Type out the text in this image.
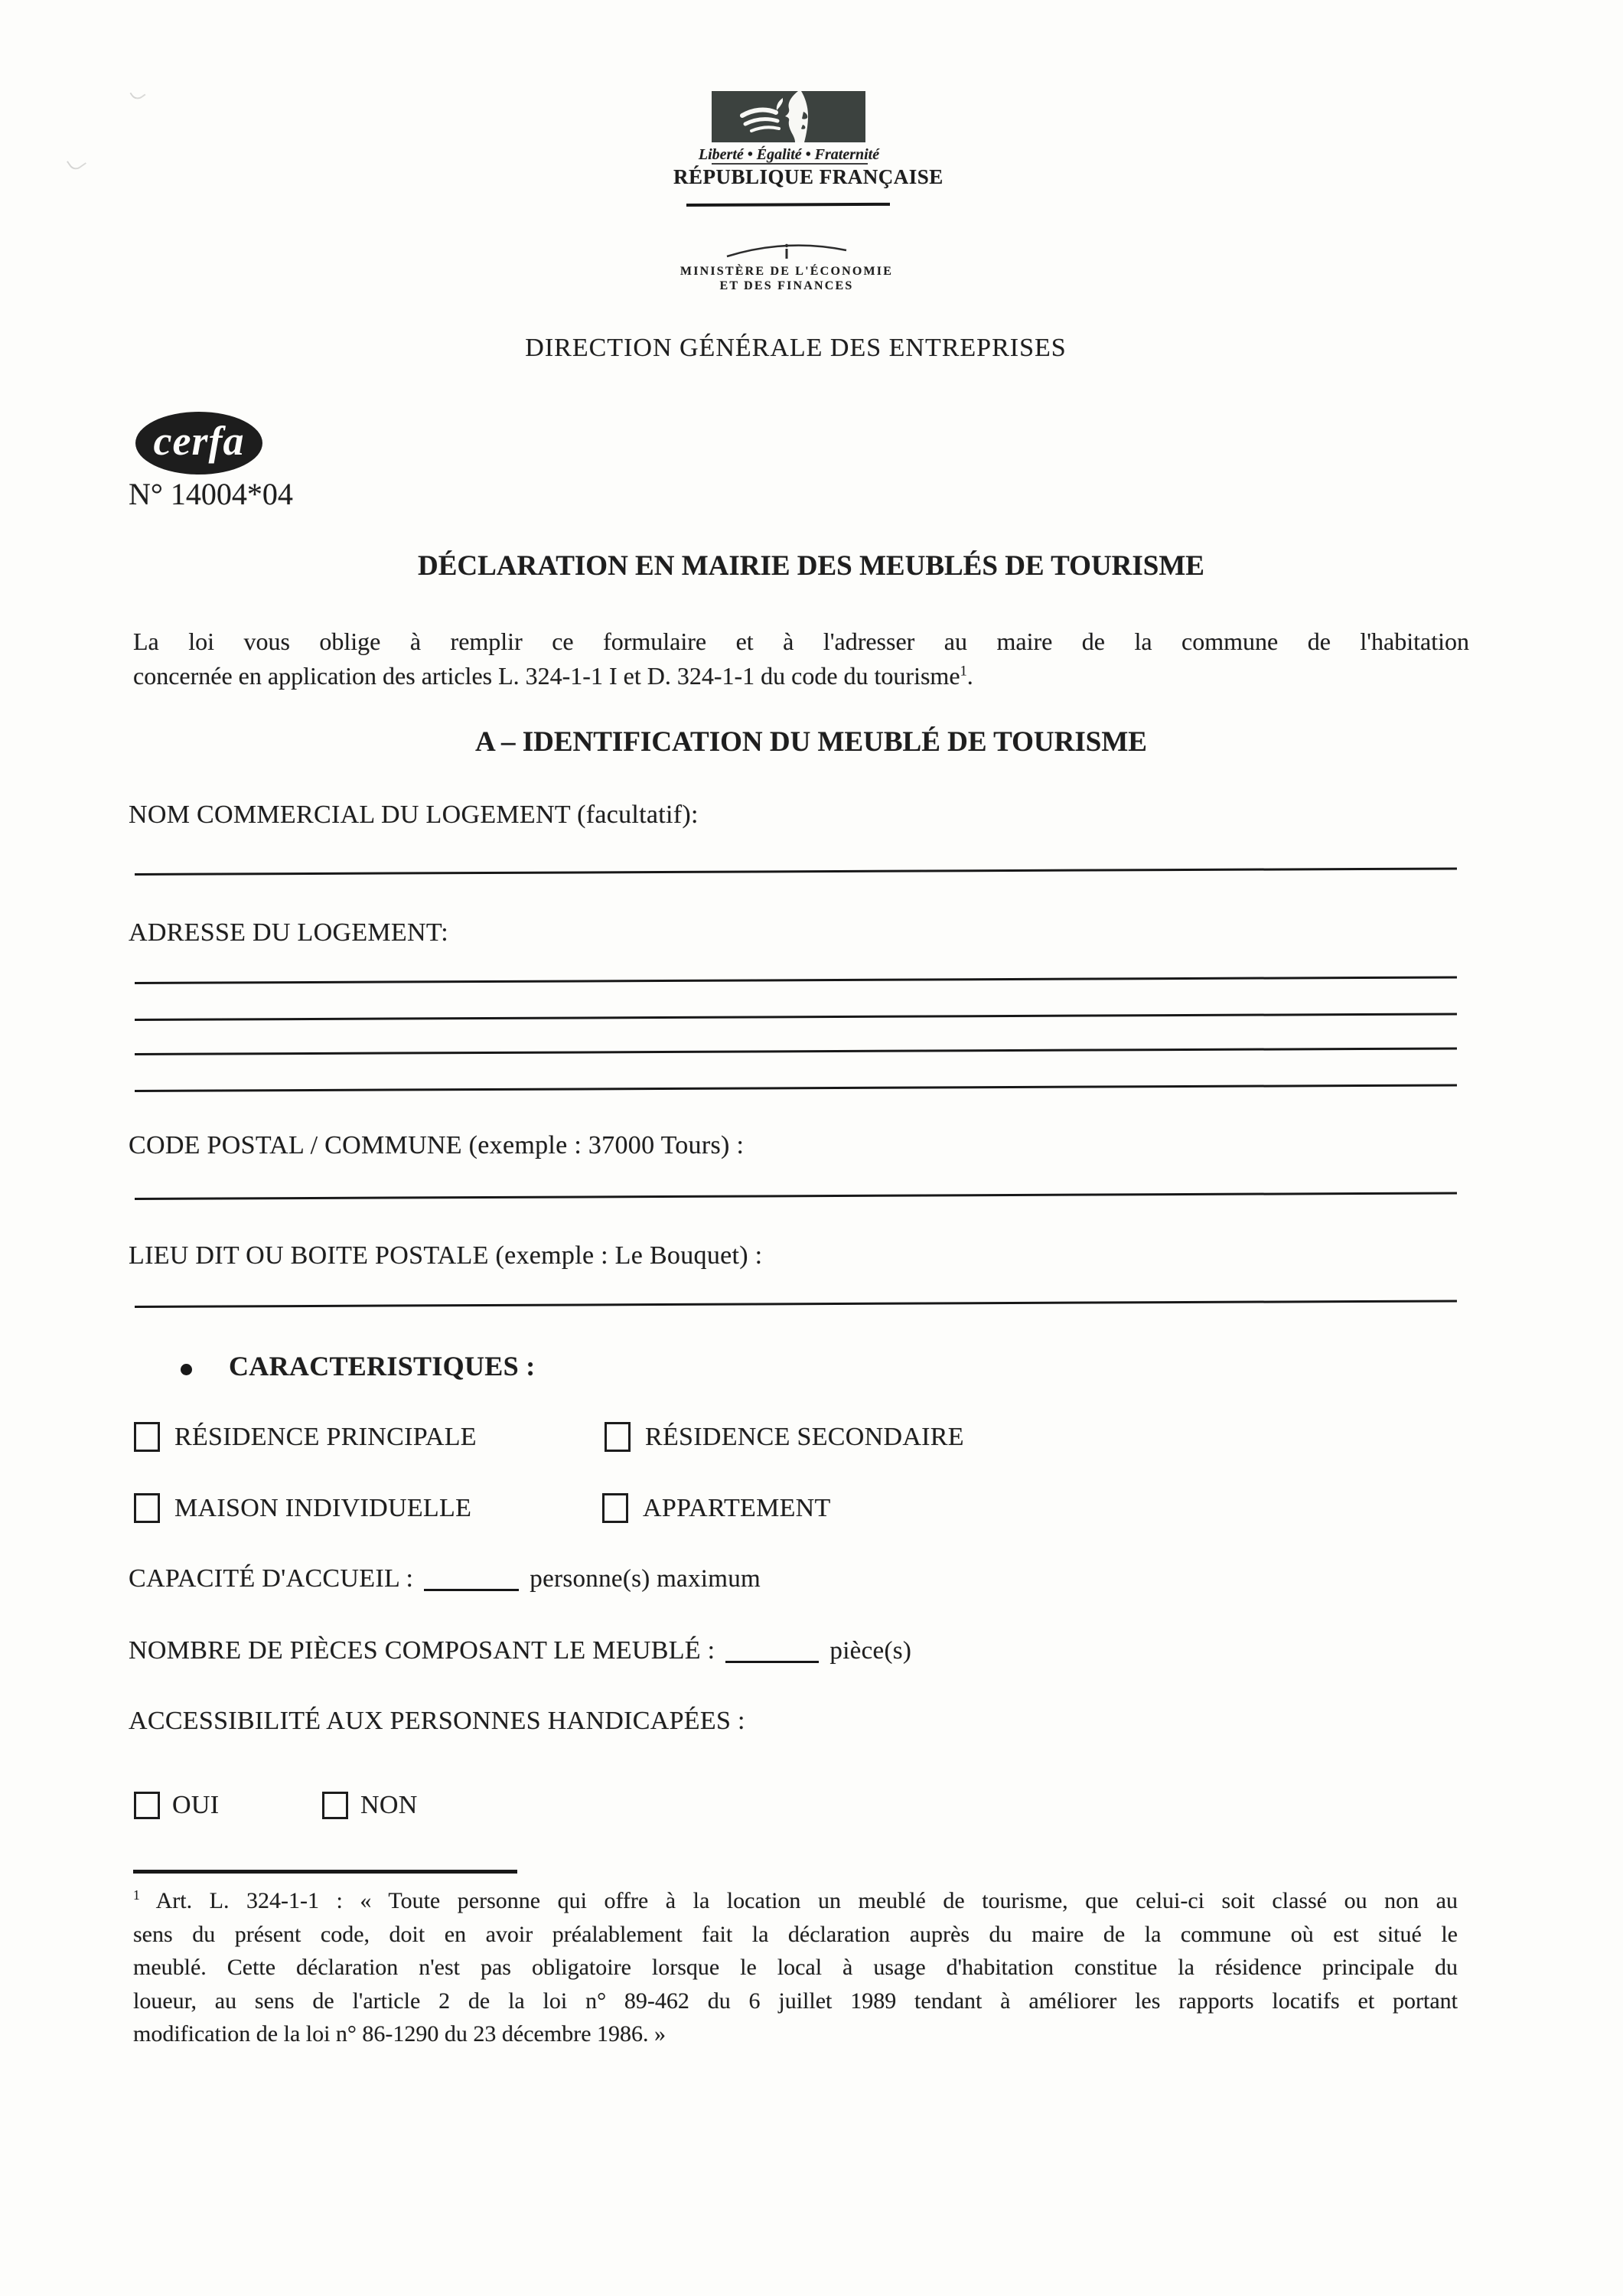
Liberté • Égalité • Fraternité
RÉPUBLIQUE FRANÇAISE
MINISTÈRE DE L'ÉCONOMIE
ET DES FINANCES
DIRECTION GÉNÉRALE DES ENTREPRISES
cerfa
N° 14004*04
DÉCLARATION EN MAIRIE DES MEUBLÉS DE TOURISME
La loi vous oblige à remplir ce formulaire et à l'adresser au maire de la commune de l'habitation
concernée en application des articles L. 324-1-1 I et D. 324-1-1 du code du tourisme$^1$.
A – IDENTIFICATION DU MEUBLÉ DE TOURISME
NOM COMMERCIAL DU LOGEMENT (facultatif):
ADRESSE DU LOGEMENT:
CODE POSTAL / COMMUNE (exemple : 37000 Tours) :
LIEU DIT OU BOITE POSTALE (exemple : Le Bouquet) :
CARACTERISTIQUES :
RÉSIDENCE PRINCIPALE	RÉSIDENCE SECONDAIRE
MAISON INDIVIDUELLE	APPARTEMENT
CAPACITÉ D'ACCUEIL :	personne(s) maximum
NOMBRE DE PIÈCES COMPOSANT LE MEUBLÉ :	pièce(s)
ACCESSIBILITÉ AUX PERSONNES HANDICAPÉES :
OUI	NON
$^1$ Art. L. 324-1-1 : « Toute personne qui offre à la location un meublé de tourisme, que celui-ci soit classé ou non au
sens du présent code, doit en avoir préalablement fait la déclaration auprès du maire de la commune où est situé le
meublé. Cette déclaration n'est pas obligatoire lorsque le local à usage d'habitation constitue la résidence principale du
loueur, au sens de l'article 2 de la loi n° 89-462 du 6 juillet 1989 tendant à améliorer les rapports locatifs et portant
modification de la loi n° 86-1290 du 23 décembre 1986. »
